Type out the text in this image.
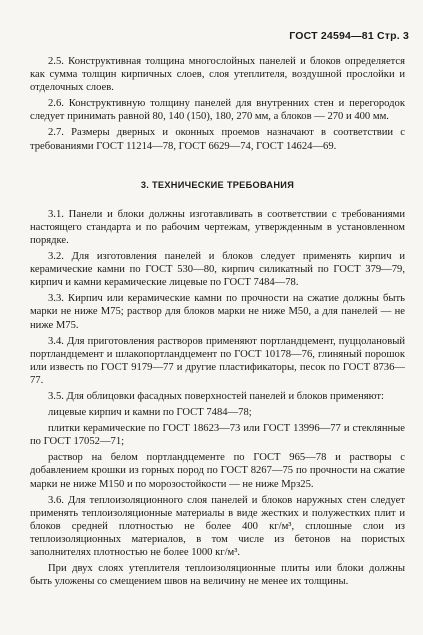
ГОСТ 24594—81 Стр. 3

2.5. Конструктивная толщина многослойных панелей и блоков определяется как сумма толщин кирпичных слоев, слоя утеплителя, воздушной прослойки и отделочных слоев.

2.6. Конструктивную толщину панелей для внутренних стен и перегородок следует принимать равной 80, 140 (150), 180, 270 мм, а блоков — 270 и 400 мм.

2.7. Размеры дверных и оконных проемов назначают в соответствии с требованиями ГОСТ 11214—78, ГОСТ 6629—74, ГОСТ 14624—69.

3. ТЕХНИЧЕСКИЕ ТРЕБОВАНИЯ

3.1. Панели и блоки должны изготавливать в соответствии с требованиями настоящего стандарта и по рабочим чертежам, утвержденным в установленном порядке.

3.2. Для изготовления панелей и блоков следует применять кирпич и керамические камни по ГОСТ 530—80, кирпич силикатный по ГОСТ 379—79, кирпич и камни керамические лицевые по ГОСТ 7484—78.

3.3. Кирпич или керамические камни по прочности на сжатие должны быть марки не ниже М75; раствор для блоков марки не ниже М50, а для панелей — не ниже М75.

3.4. Для приготовления растворов применяют портландцемент, пуццолановый портландцемент и шлакопортландцемент по ГОСТ 10178—76, глиняный порошок или известь по ГОСТ 9179—77 и другие пластификаторы, песок по ГОСТ 8736—77.

3.5. Для облицовки фасадных поверхностей панелей и блоков применяют:

лицевые кирпич и камни по ГОСТ 7484—78;

плитки керамические по ГОСТ 18623—73 или ГОСТ 13996—77 и стеклянные по ГОСТ 17052—71;

раствор на белом портландцементе по ГОСТ 965—78 и растворы с добавлением крошки из горных пород по ГОСТ 8267—75 по прочности на сжатие марки не ниже М150 и по морозостойкости — не ниже Мрз25.

3.6. Для теплоизоляционного слоя панелей и блоков наружных стен следует применять теплоизоляционные материалы в виде жестких и полужестких плит и блоков средней плотностью не более 400 кг/м³, сплошные слои из теплоизоляционных материалов, в том числе из бетонов на пористых заполнителях плотностью не более 1000 кг/м³.

При двух слоях утеплителя теплоизоляционные плиты или блоки должны быть уложены со смещением швов на величину не менее их толщины.
